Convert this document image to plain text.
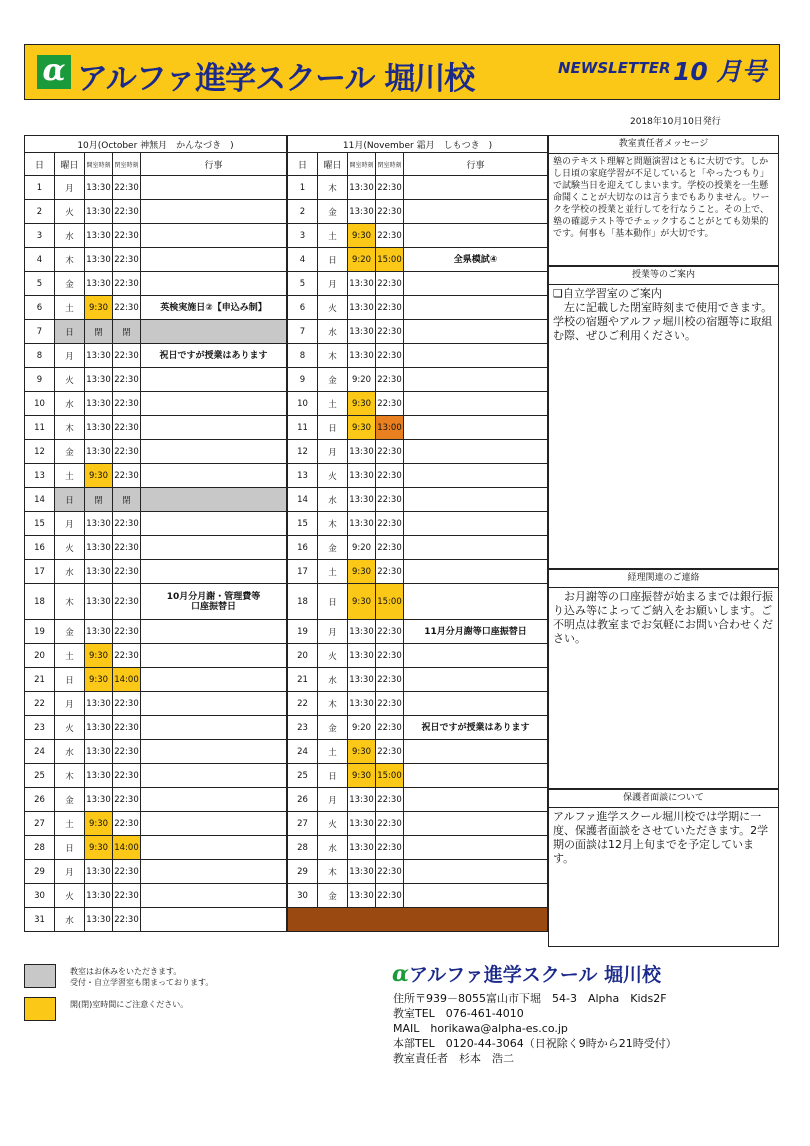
α アルファ進学スクール 堀川校	NEWSLETTER 10 月号
2018年10月10日発行
10月(October 神無月　かんなづき　)				
日	曜日	開室時刻	閉室時刻	行事
1	月	13:30	22:30	
2	火	13:30	22:30	
3	水	13:30	22:30	
4	木	13:30	22:30	
5	金	13:30	22:30	
6	土	9:30	22:30	英検実施日②【申込み制】
7	日	閉	閉	
8	月	13:30	22:30	祝日ですが授業はあります
9	火	13:30	22:30	
10	水	13:30	22:30	
11	木	13:30	22:30	
12	金	13:30	22:30	
13	土	9:30	22:30	
14	日	閉	閉	
15	月	13:30	22:30	
16	火	13:30	22:30	
17	水	13:30	22:30	
18	木	13:30	22:30	10月分月謝・管理費等
口座振替日
19	金	13:30	22:30	
20	土	9:30	22:30	
21	日	9:30	14:00	
22	月	13:30	22:30	
23	火	13:30	22:30	
24	水	13:30	22:30	
25	木	13:30	22:30	
26	金	13:30	22:30	
27	土	9:30	22:30	
28	日	9:30	14:00	
29	月	13:30	22:30	
30	火	13:30	22:30	
31	水	13:30	22:30	
11月(November 霜月　しもつき　)				
日	曜日	開室時刻	閉室時刻	行事
1	木	13:30	22:30	
2	金	13:30	22:30	
3	土	9:30	22:30	
4	日	9:20	15:00	全県模試④
5	月	13:30	22:30	
6	火	13:30	22:30	
7	水	13:30	22:30	
8	木	13:30	22:30	
9	金	9:20	22:30	
10	土	9:30	22:30	
11	日	9:30	13:00	
12	月	13:30	22:30	
13	火	13:30	22:30	
14	水	13:30	22:30	
15	木	13:30	22:30	
16	金	9:20	22:30	
17	土	9:30	22:30	
18	日	9:30	15:00	
19	月	13:30	22:30	11月分月謝等口座振替日
20	火	13:30	22:30	
21	水	13:30	22:30	
22	木	13:30	22:30	
23	金	9:20	22:30	祝日ですが授業はあります
24	土	9:30	22:30	
25	日	9:30	15:00	
26	月	13:30	22:30	
27	火	13:30	22:30	
28	水	13:30	22:30	
29	木	13:30	22:30	
30	金	13:30	22:30	

教室責任者メッセージ
塾のテキスト理解と問題演習はともに大切です。しかし日頃の家庭学習が不足していると「やったつもり」で試験当日を迎えてしまいます。学校の授業を一生懸命聞くことが大切なのは言うまでもありません。ワークを学校の授業と並行してを行なうこと。その上で、塾の確認テスト等でチェックすることがとても効果的です。何事も「基本動作」が大切です。
授業等のご案内
❑自立学習室のご案内
　左に記載した閉室時刻まで使用できます。学校の宿題やアルファ堀川校の宿題等に取組む際、ぜひご利用ください。
経理関連のご連絡
　お月謝等の口座振替が始まるまでは銀行振り込み等によってご納入をお願いします。ご不明点は教室までお気軽にお問い合わせください。
保護者面談について
アルファ進学スクール堀川校では学期に一度、保護者面談をさせていただきます。2学期の面談は12月上旬までを予定しています。
教室はお休みをいただきます。
受付・自立学習室も閉まっております。
開(閉)室時間にご注意ください。
αアルファ進学スクール 堀川校
住所〒939－8055富山市下堀　54-3　Alpha　Kids2F
教室TEL　076-461-4010
MAIL　horikawa@alpha-es.co.jp
本部TEL　0120-44-3064（日祝除く9時から21時受付）
教室責任者　杉本　浩二
